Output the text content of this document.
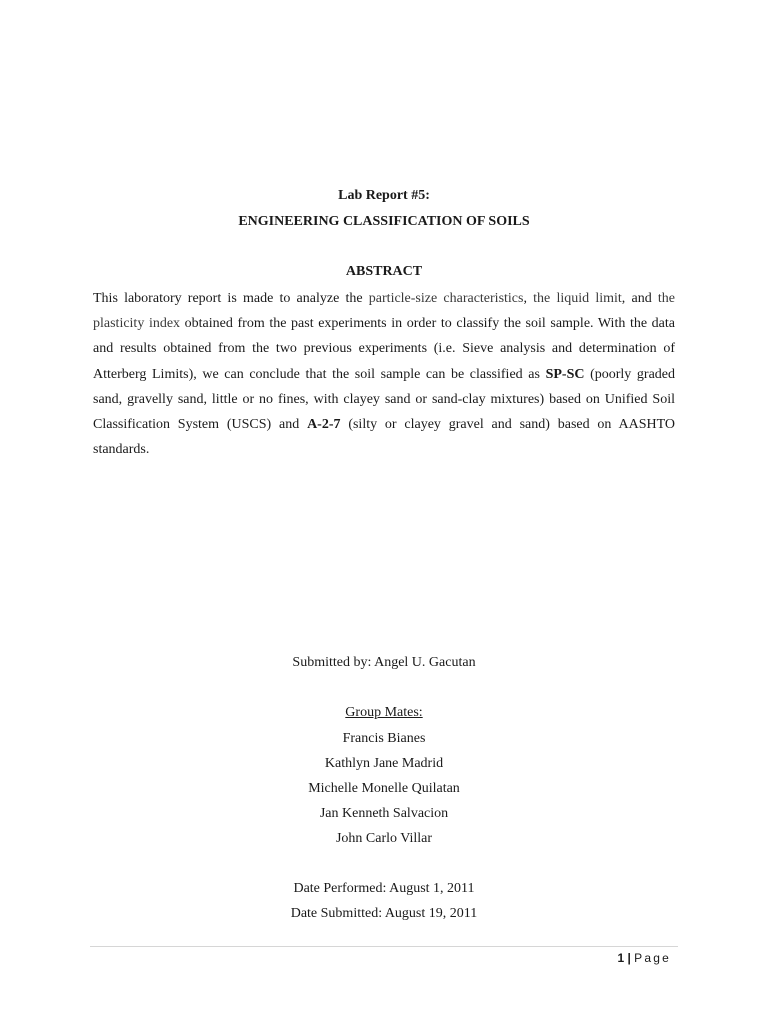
Lab Report #5:
ENGINEERING CLASSIFICATION OF SOILS
ABSTRACT
This laboratory report is made to analyze the particle-size characteristics, the liquid limit, and the plasticity index obtained from the past experiments in order to classify the soil sample. With the data and results obtained from the two previous experiments (i.e. Sieve analysis and determination of Atterberg Limits), we can conclude that the soil sample can be classified as SP-SC (poorly graded sand, gravelly sand, little or no fines, with clayey sand or sand-clay mixtures) based on Unified Soil Classification System (USCS) and A-2-7 (silty or clayey gravel and sand) based on AASHTO standards.
Submitted by: Angel U. Gacutan
Group Mates:
Francis Bianes
Kathlyn Jane Madrid
Michelle Monelle Quilatan
Jan Kenneth Salvacion
John Carlo Villar
Date Performed: August 1, 2011
Date Submitted: August 19, 2011
1 | Page
